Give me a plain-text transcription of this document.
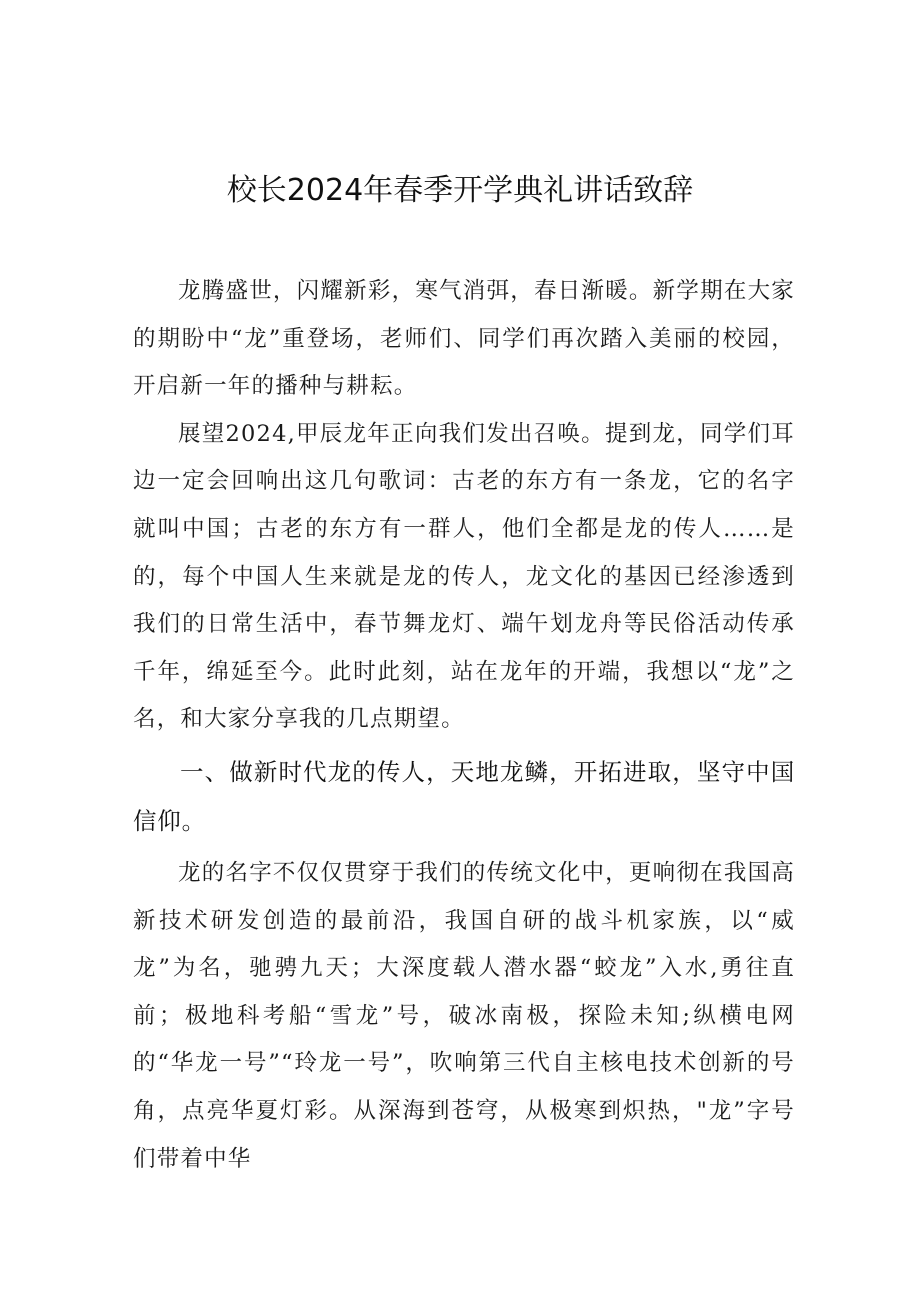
校长2024年春季开学典礼讲话致辞

龙腾盛世，闪耀新彩，寒气消弭，春日渐暖。新学期在大家的期盼中“龙”重登场，老师们、同学们再次踏入美丽的校园，开启新一年的播种与耕耘。

展望2024,甲辰龙年正向我们发出召唤。提到龙，同学们耳边一定会回响出这几句歌词：古老的东方有一条龙，它的名字就叫中国；古老的东方有一群人，他们全都是龙的传人……是的，每个中国人生来就是龙的传人，龙文化的基因已经渗透到我们的日常生活中，春节舞龙灯、端午划龙舟等民俗活动传承千年，绵延至今。此时此刻，站在龙年的开端，我想以“龙”之名，和大家分享我的几点期望。

一、做新时代龙的传人，天地龙鳞，开拓进取，坚守中国信仰。

龙的名字不仅仅贯穿于我们的传统文化中，更响彻在我国高新技术研发创造的最前沿，我国自研的战斗机家族，以“威龙”为名，驰骋九天；大深度载人潜水器“蛟龙”入水,勇往直前；极地科考船“雪龙”号，破冰南极，探险未知;纵横电网的“华龙一号”“玲龙一号”，吹响第三代自主核电技术创新的号角，点亮华夏灯彩。从深海到苍穹，从极寒到炽热，"龙”字号们带着中华
